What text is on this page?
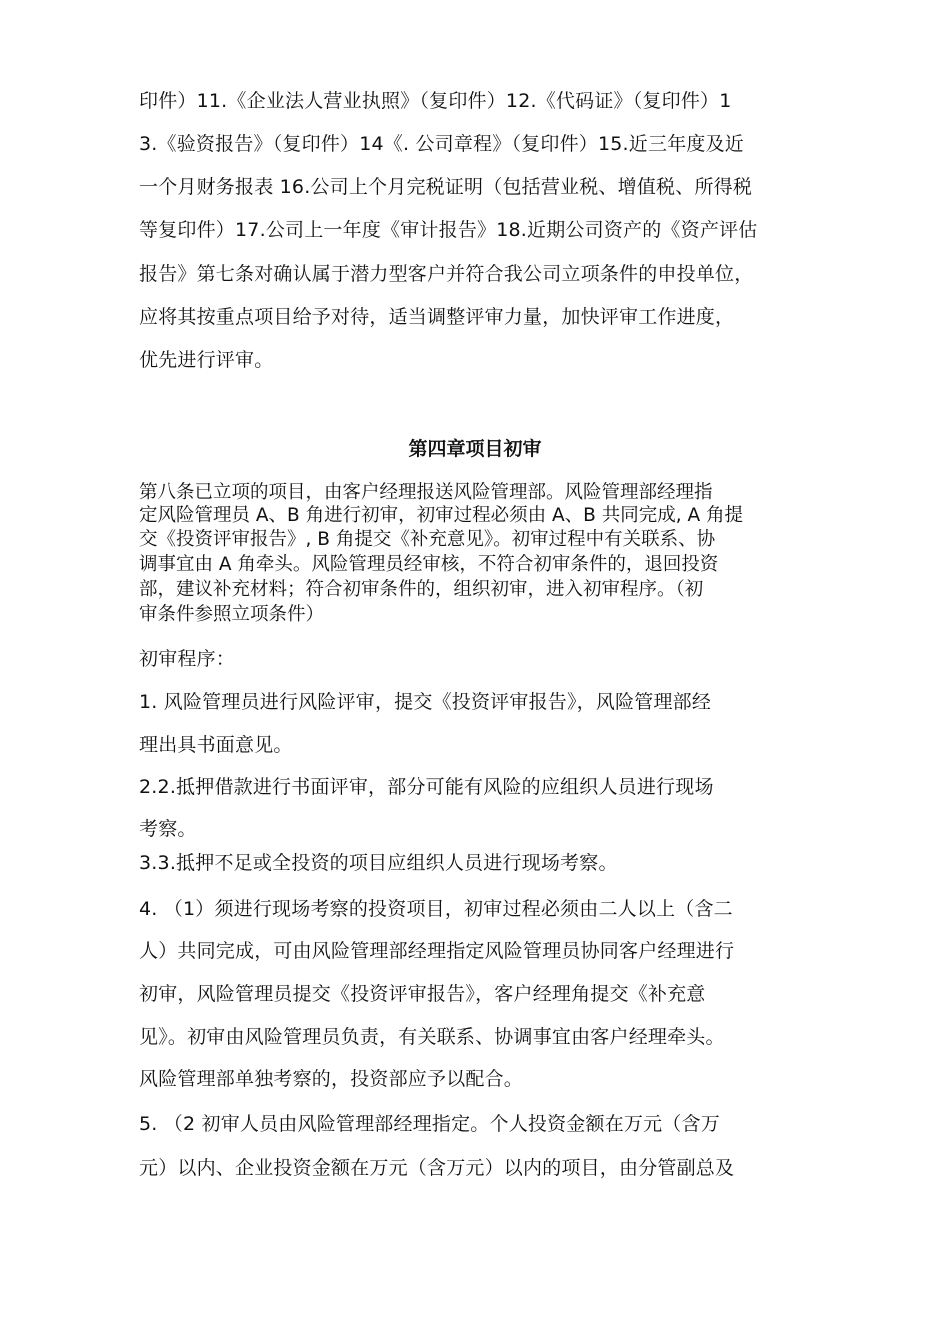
印件）11.《企业法人营业执照》（复印件）12.《代码证》（复印件）1
3.《验资报告》（复印件）14《. 公司章程》（复印件）15.近三年度及近
一个月财务报表 16.公司上个月完税证明（包括营业税、增值税、所得税
等复印件）17.公司上一年度《审计报告》18.近期公司资产的《资产评估
报告》第七条对确认属于潜力型客户并符合我公司立项条件的申投单位，
应将其按重点项目给予对待，适当调整评审力量，加快评审工作进度，
优先进行评审。
第四章项目初审
第八条已立项的项目，由客户经理报送风险管理部。风险管理部经理指
定风险管理员 A、B 角进行初审，初审过程必须由 A、B 共同完成, A 角提
交《投资评审报告》, B 角提交《补充意见》。初审过程中有关联系、协
调事宜由 A 角牵头。风险管理员经审核，不符合初审条件的，退回投资
部，建议补充材料；符合初审条件的，组织初审，进入初审程序。（初
审条件参照立项条件）
初审程序：
1. 风险管理员进行风险评审，提交《投资评审报告》，风险管理部经
理出具书面意见。
2.2.抵押借款进行书面评审，部分可能有风险的应组织人员进行现场
考察。
3.3.抵押不足或全投资的项目应组织人员进行现场考察。
4. （1）须进行现场考察的投资项目，初审过程必须由二人以上（含二
人）共同完成，可由风险管理部经理指定风险管理员协同客户经理进行
初审，风险管理员提交《投资评审报告》，客户经理角提交《补充意
见》。初审由风险管理员负责，有关联系、协调事宜由客户经理牵头。
风险管理部单独考察的，投资部应予以配合。
5. （2 初审人员由风险管理部经理指定。个人投资金额在万元（含万
元）以内、企业投资金额在万元（含万元）以内的项目，由分管副总及
